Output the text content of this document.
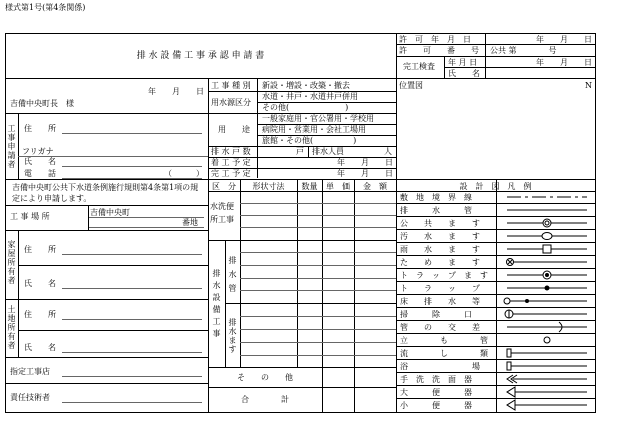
様式第1号(第4条関係)
排 水 設 備 工 事 承 認 申 請 書
許　可　年　月　日	年　　月　　日
許　　可　　番　　号 公共 第　　　　号
完工検査 年 月 日	年　　月　　日
氏　　名
年　　月　　日
吉備中央町長　様
工事申請者
住　　所
フリガナ
氏　　名
電　　話	（　　　）
吉備中央町公共下水道条例施行規則第4条第1項の規定により申請します。
工 事 場 所	吉備中央町
番地
家屋所有者
住　　所
氏　　名
土地所有者
住　　所
氏　　名
指定工事店
責任技術者
工 事 種 別 新設・増設・改築・撤去
用水源区分
水道・井戸・水道井戸併用
その他(　　　　　　　)
用　　途
一般家庭用・官公署用・学校用
病院用・営業用・会社工場用
旅館・その他(　　　　　)
排 水 戸 数	戸 排水人員	人
着 工 予 定	年　　月　　日
完 工 予 定	年　　月　　日
区　分	形状寸法	数量	単　価	金　額
水洗便所工事
排水設備工事
排水管
排水ます
そ　　の　　他
合　　　　計
位置図	N
設　計　図　凡　例
敷　地　境　界　線
排　　　水　　　管
公　　共　　ま　　す
汚　　水　　ま　　す
雨　　水　　ま　　す
た　　め　　ま　　す
ト　ラ　ッ　プ　ま　す
ト　　ラ　　ッ　　プ
床　　排　　水　　等
掃　　　除　　　口
管　　の　　交　　差
立　　　　も　　　　管
流　　　　し　　　　類
浴　　　　　　　　場
手　洗　洗　面　器
大　　　便　　　器
小　　　便　　　器
